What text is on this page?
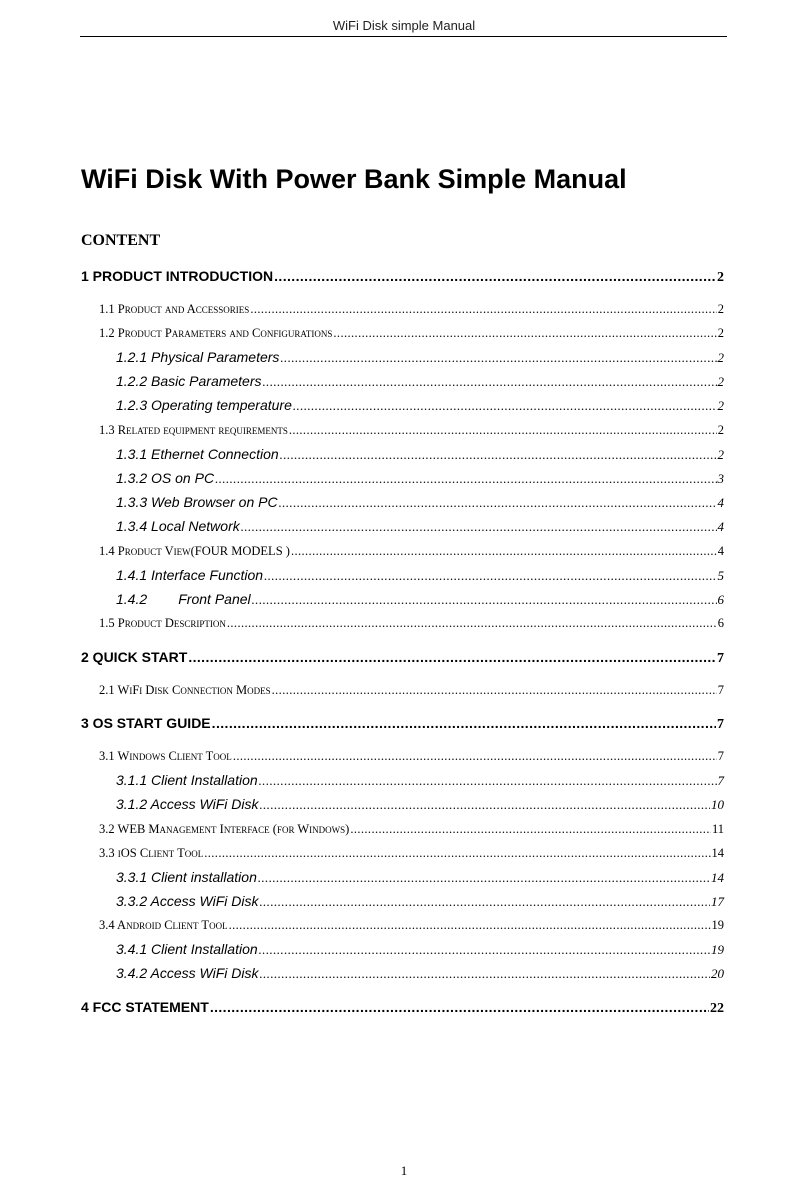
WiFi Disk simple Manual
WiFi Disk With Power Bank Simple Manual
CONTENT
1 PRODUCT INTRODUCTION .....	2
1.1 Product and Accessories .....	2
1.2 Product Parameters and Configurations .....	2
1.2.1 Physical Parameters .....	2
1.2.2 Basic Parameters .....	2
1.2.3 Operating temperature .....	2
1.3 Related equipment requirements .....	2
1.3.1 Ethernet Connection .....	2
1.3.2 OS on PC .....	3
1.3.3 Web Browser on PC .....	4
1.3.4 Local Network .....	4
1.4 Product View(FOUR MODELS ) .....	4
1.4.1 Interface Function .....	5
1.4.2        Front Panel .....	6
1.5 Product Description .....	6
2 QUICK START .....	7
2.1 WiFi Disk Connection Modes .....	7
3 OS START GUIDE .....	7
3.1 Windows Client Tool .....	7
3.1.1 Client Installation .....	7
3.1.2 Access WiFi Disk .....	10
3.2 WEB Management Interface (for Windows) .....	11
3.3 iOS Client Tool .....	14
3.3.1 Client installation .....	14
3.3.2 Access WiFi Disk .....	17
3.4 Android Client Tool .....	19
3.4.1 Client Installation .....	19
3.4.2 Access WiFi Disk .....	20
4 FCC STATEMENT .....	22
1
